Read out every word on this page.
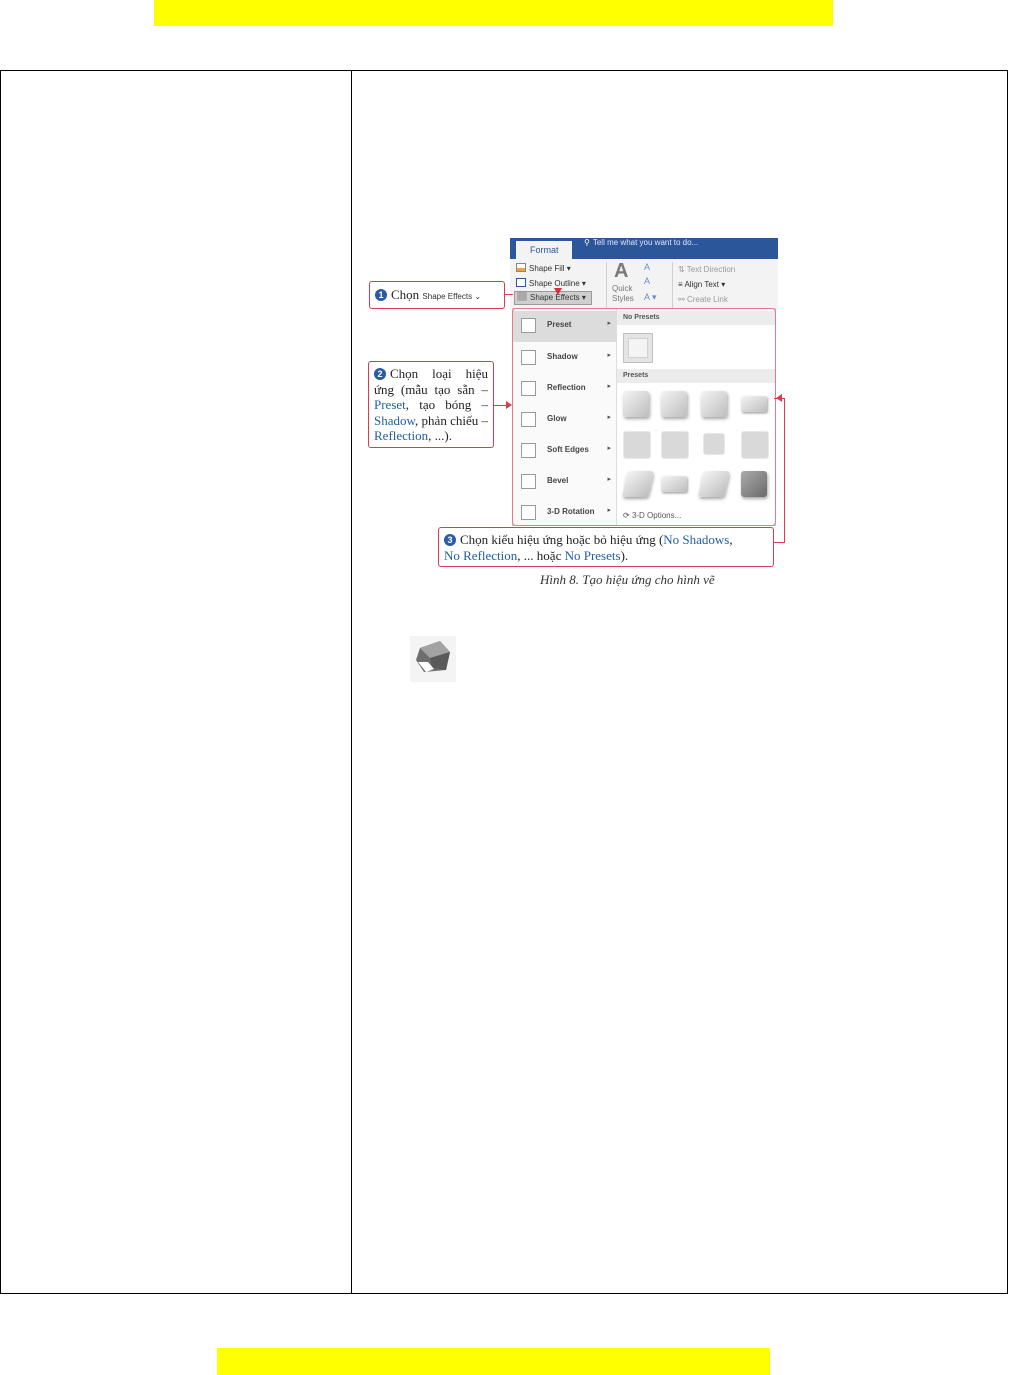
Format
⚲ Tell me what you want to do...
Shape Fill ▾
Shape Outline ▾
Shape Effects ▾
A
Quick Styles
A
A
A ▾
⇅ Text Direction
≡ Align Text ▾
⚯ Create Link
Preset	▸
Shadow	▸
Reflection	▸
Glow	▸
Soft Edges	▸
Bevel	▸
3-D Rotation ▸
No Presets
Presets
⟳ 3-D Options...
1 Chọn Shape Effects ⌄
2 Chọn loại hiệu ứng (mẫu tạo sẵn – Preset, tạo bóng – Shadow, phản chiếu – Reflection, ...).
3 Chọn kiểu hiệu ứng hoặc bỏ hiệu ứng (No Shadows,
No Reflection, ... hoặc No Presets).
Hình 8. Tạo hiệu ứng cho hình vẽ
